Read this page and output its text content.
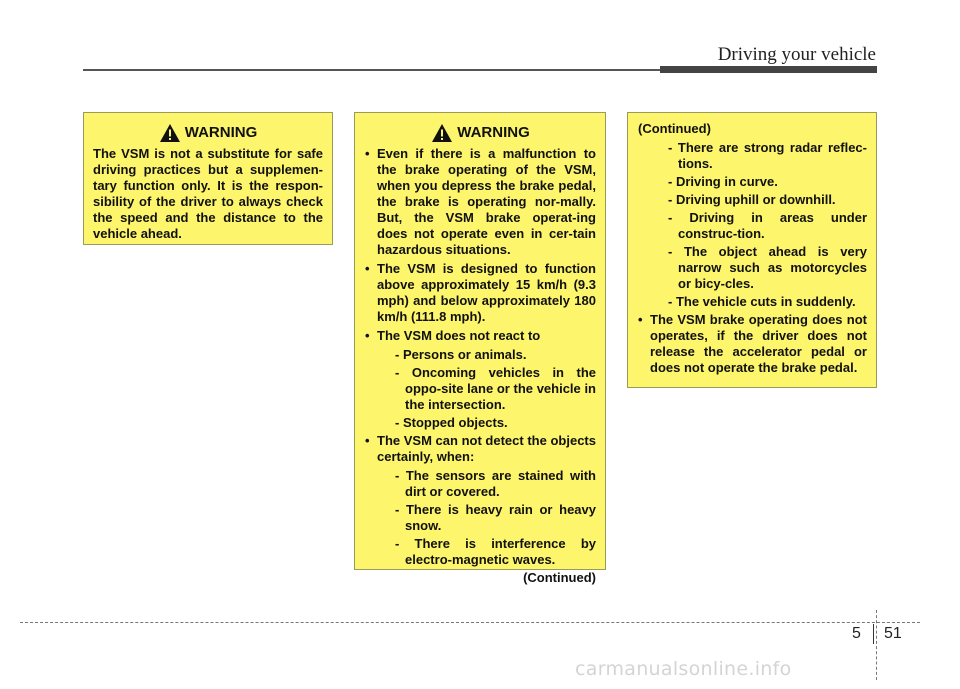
Driving your vehicle
WARNING

The VSM is not a substitute for safe driving practices but a supplemen-tary function only. It is the respon-sibility of the driver to always check the speed and the distance to the vehicle ahead.

WARNING

• Even if there is a malfunction to the brake operating of the VSM, when you depress the brake pedal, the brake is operating nor-mally. But, the VSM brake operat-ing does not operate even in cer-tain hazardous situations.

• The VSM is designed to function above approximately 15 km/h (9.3 mph) and below approximately 180 km/h (111.8 mph).

• The VSM does not react to

- Persons or animals.

- Oncoming vehicles in the oppo-site lane or the vehicle in the intersection.

- Stopped objects.

• The VSM can not detect the objects certainly, when:

- The sensors are stained with dirt or covered.

- There is heavy rain or heavy snow.

- There is interference by electro-magnetic waves.

(Continued)
(Continued)

- There are strong radar reflec-tions.

- Driving in curve.

- Driving uphill or downhill.

- Driving in areas under construc-tion.

- The object ahead is very narrow such as motorcycles or bicy-cles.

- The vehicle cuts in suddenly.

• The VSM brake operating does not operates, if the driver does not release the accelerator pedal or does not operate the brake pedal.

5 51
carmanualsonline.info
